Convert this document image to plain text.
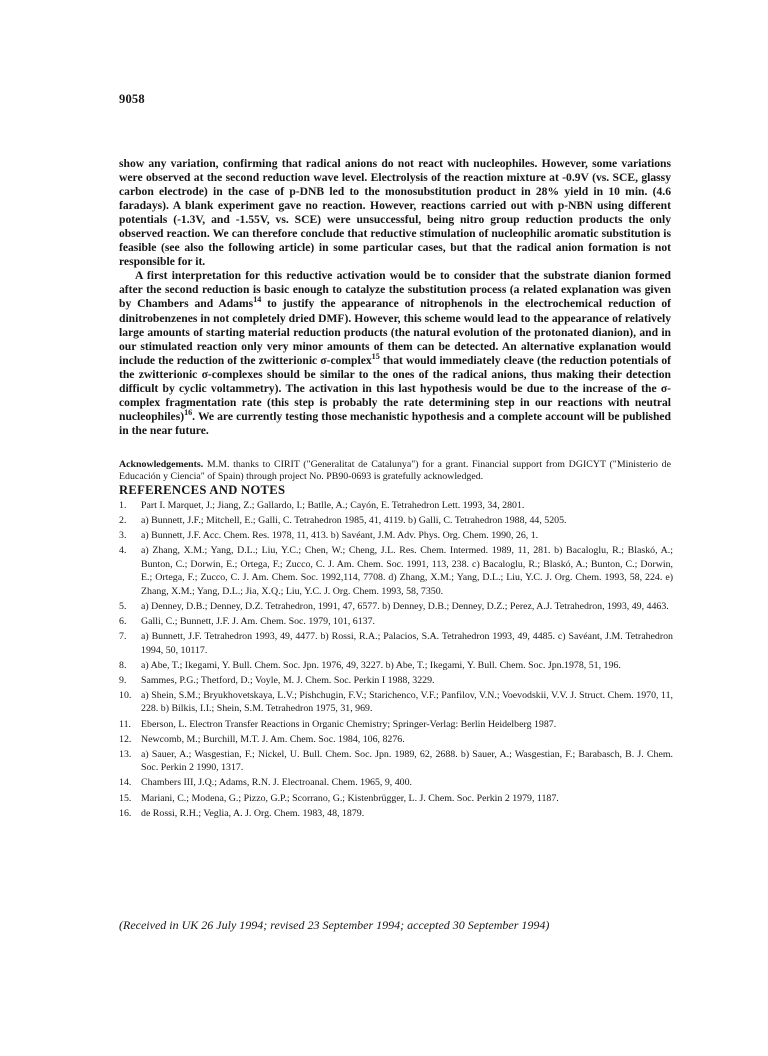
9058

show any variation, confirming that radical anions do not react with nucleophiles. However, some variations were observed at the second reduction wave level. Electrolysis of the reaction mixture at -0.9V (vs. SCE, glassy carbon electrode) in the case of p-DNB led to the monosubstitution product in 28% yield in 10 min. (4.6 faradays). A blank experiment gave no reaction. However, reactions carried out with p-NBN using different potentials (-1.3V, and -1.55V, vs. SCE) were unsuccessful, being nitro group reduction products the only observed reaction. We can therefore conclude that reductive stimulation of nucleophilic aromatic substitution is feasible (see also the following article) in some particular cases, but that the radical anion formation is not responsible for it.

A first interpretation for this reductive activation would be to consider that the substrate dianion formed after the second reduction is basic enough to catalyze the substitution process (a related explanation was given by Chambers and Adams$^{14}$ to justify the appearance of nitrophenols in the electrochemical reduction of dinitrobenzenes in not completely dried DMF). However, this scheme would lead to the appearance of relatively large amounts of starting material reduction products (the natural evolution of the protonated dianion), and in our stimulated reaction only very minor amounts of them can be detected. An alternative explanation would include the reduction of the zwitterionic σ-complex$^{15}$ that would immediately cleave (the reduction potentials of the zwitterionic σ-complexes should be similar to the ones of the radical anions, thus making their detection difficult by cyclic voltammetry). The activation in this last hypothesis would be due to the increase of the σ-complex fragmentation rate (this step is probably the rate determining step in our reactions with neutral nucleophiles)$^{16}$. We are currently testing those mechanistic hypothesis and a complete account will be published in the near future.

Acknowledgements. M.M. thanks to CIRIT ("Generalitat de Catalunya") for a grant. Financial support from DGICYT ("Ministerio de Educación y Ciencia" of Spain) through project No. PB90-0693 is gratefully acknowledged.
REFERENCES AND NOTES
1.	Part I. Marquet, J.; Jiang, Z.; Gallardo, I.; Batlle, A.; Cayón, E. Tetrahedron Lett. 1993, 34, 2801.
2.	a) Bunnett, J.F.; Mitchell, E.; Galli, C. Tetrahedron 1985, 41, 4119. b) Galli, C. Tetrahedron 1988, 44, 5205.
3.	a) Bunnett, J.F. Acc. Chem. Res. 1978, 11, 413. b) Savéant, J.M. Adv. Phys. Org. Chem. 1990, 26, 1.
4.	a) Zhang, X.M.; Yang, D.L.; Liu, Y.C.; Chen, W.; Cheng, J.L. Res. Chem. Intermed. 1989, 11, 281. b) Bacaloglu, R.; Blaskó, A.; Bunton, C.; Dorwin, E.; Ortega, F.; Zucco, C. J. Am. Chem. Soc. 1991, 113, 238. c) Bacaloglu, R.; Blaskó, A.; Bunton, C.; Dorwin, E.; Ortega, F.; Zucco, C. J. Am. Chem. Soc. 1992,114, 7708. d) Zhang, X.M.; Yang, D.L.; Liu, Y.C. J. Org. Chem. 1993, 58, 224. e) Zhang, X.M.; Yang, D.L.; Jia, X.Q.; Liu, Y.C. J. Org. Chem. 1993, 58, 7350.
5.	a) Denney, D.B.; Denney, D.Z. Tetrahedron, 1991, 47, 6577. b) Denney, D.B.; Denney, D.Z.; Perez, A.J. Tetrahedron, 1993, 49, 4463.
6.	Galli, C.; Bunnett, J.F. J. Am. Chem. Soc. 1979, 101, 6137.
7.	a) Bunnett, J.F. Tetrahedron 1993, 49, 4477. b) Rossi, R.A.; Palacios, S.A. Tetrahedron 1993, 49, 4485. c) Savéant, J.M. Tetrahedron 1994, 50, 10117.
8.	a) Abe, T.; Ikegami, Y. Bull. Chem. Soc. Jpn. 1976, 49, 3227. b) Abe, T.; Ikegami, Y. Bull. Chem. Soc. Jpn.1978, 51, 196.
9.	Sammes, P.G.; Thetford, D.; Voyle, M. J. Chem. Soc. Perkin I 1988, 3229.
10. a) Shein, S.M.; Bryukhovetskaya, L.V.; Pishchugin, F.V.; Starichenco, V.F.; Panfilov, V.N.; Voevodskii, V.V. J. Struct. Chem. 1970, 11, 228. b) Bilkis, I.I.; Shein, S.M. Tetrahedron 1975, 31, 969.
11.	Eberson, L. Electron Transfer Reactions in Organic Chemistry; Springer-Verlag: Berlin Heidelberg 1987.
12. Newcomb, M.; Burchill, M.T. J. Am. Chem. Soc. 1984, 106, 8276.
13. a) Sauer, A.; Wasgestian, F.; Nickel, U. Bull. Chem. Soc. Jpn. 1989, 62, 2688. b) Sauer, A.; Wasgestian, F.; Barabasch, B. J. Chem. Soc. Perkin 2 1990, 1317.
14. Chambers III, J.Q.; Adams, R.N. J. Electroanal. Chem. 1965, 9, 400.
15. Mariani, C.; Modena, G.; Pizzo, G.P.; Scorrano, G.; Kistenbrügger, L. J. Chem. Soc. Perkin 2 1979, 1187.
16. de Rossi, R.H.; Veglia, A. J. Org. Chem. 1983, 48, 1879.
(Received in UK 26 July 1994; revised 23 September 1994; accepted 30 September 1994)
